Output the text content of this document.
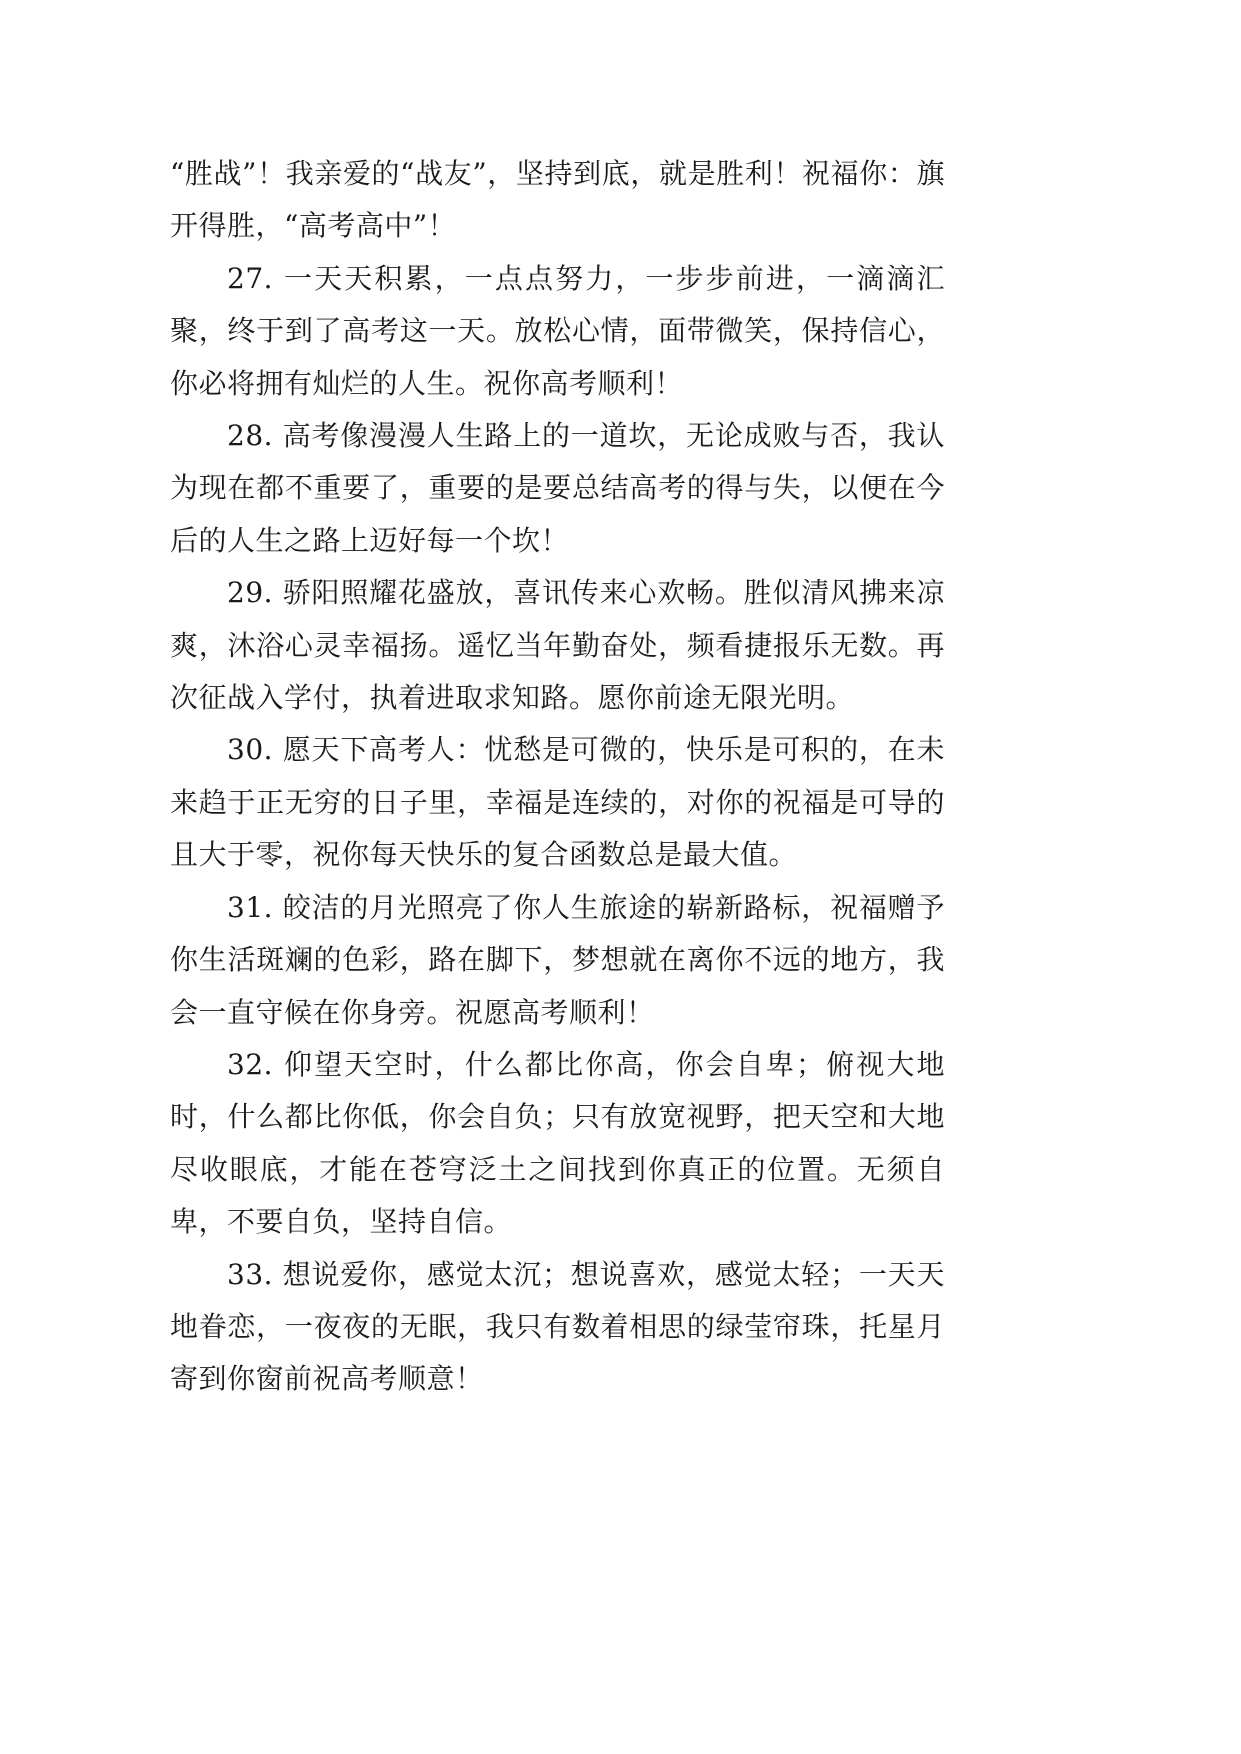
“胜战”！我亲爱的“战友”，坚持到底，就是胜利！祝福你：旗开得胜，“高考高中”！

27. 一天天积累，一点点努力，一步步前进，一滴滴汇聚，终于到了高考这一天。放松心情，面带微笑，保持信心，你必将拥有灿烂的人生。祝你高考顺利！

28. 高考像漫漫人生路上的一道坎，无论成败与否，我认为现在都不重要了，重要的是要总结高考的得与失，以便在今后的人生之路上迈好每一个坎！

29. 骄阳照耀花盛放，喜讯传来心欢畅。胜似清风拂来凉爽，沐浴心灵幸福扬。遥忆当年勤奋处，频看捷报乐无数。再次征战入学付，执着进取求知路。愿你前途无限光明。

30. 愿天下高考人：忧愁是可微的，快乐是可积的，在未来趋于正无穷的日子里，幸福是连续的，对你的祝福是可导的且大于零，祝你每天快乐的复合函数总是最大值。

31. 皎洁的月光照亮了你人生旅途的崭新路标，祝福赠予你生活斑斓的色彩，路在脚下，梦想就在离你不远的地方，我会一直守候在你身旁。祝愿高考顺利！

32. 仰望天空时，什么都比你高，你会自卑；俯视大地时，什么都比你低，你会自负；只有放宽视野，把天空和大地尽收眼底，才能在苍穹泛土之间找到你真正的位置。无须自卑，不要自负，坚持自信。

33. 想说爱你，感觉太沉；想说喜欢，感觉太轻；一天天地眷恋，一夜夜的无眠，我只有数着相思的绿莹帘珠，托星月寄到你窗前祝高考顺意！
